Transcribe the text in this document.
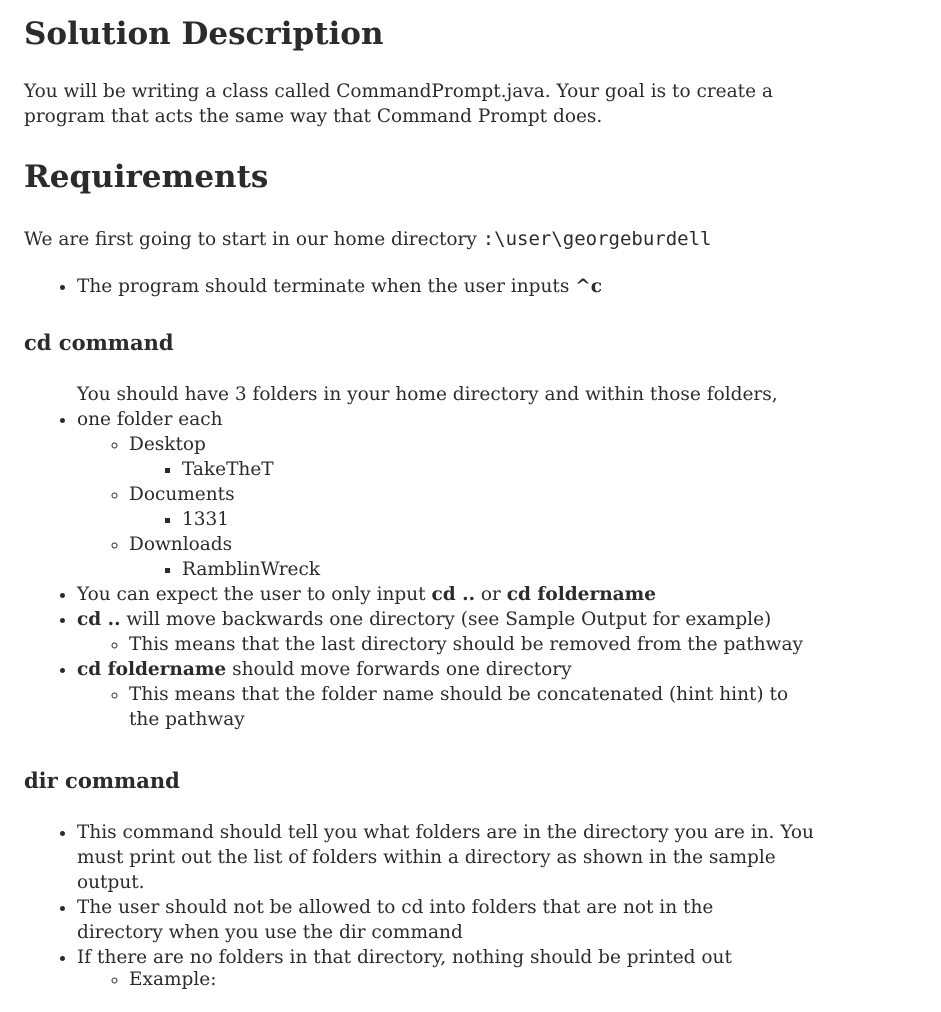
Solution Description

You will be writing a class called CommandPrompt.java. Your goal is to create a program that acts the same way that Command Prompt does.

Requirements

We are first going to start in our home directory :\user\georgeburdell

• The program should terminate when the user inputs ^c
cd command
• You should have 3 folders in your home directory and within those folders, one folder each
◦ Desktop
▪ TakeTheT
◦ Documents
▪ 1331
◦ Downloads
▪ RamblinWreck
• You can expect the user to only input cd .. or cd foldername
• cd .. will move backwards one directory (see Sample Output for example)
◦ This means that the last directory should be removed from the pathway
• cd foldername should move forwards one directory
◦ This means that the folder name should be concatenated (hint hint) to the pathway
dir command
• This command should tell you what folders are in the directory you are in. You must print out the list of folders within a directory as shown in the sample output.
• The user should not be allowed to cd into folders that are not in the directory when you use the dir command
• If there are no folders in that directory, nothing should be printed out
◦ Example:
